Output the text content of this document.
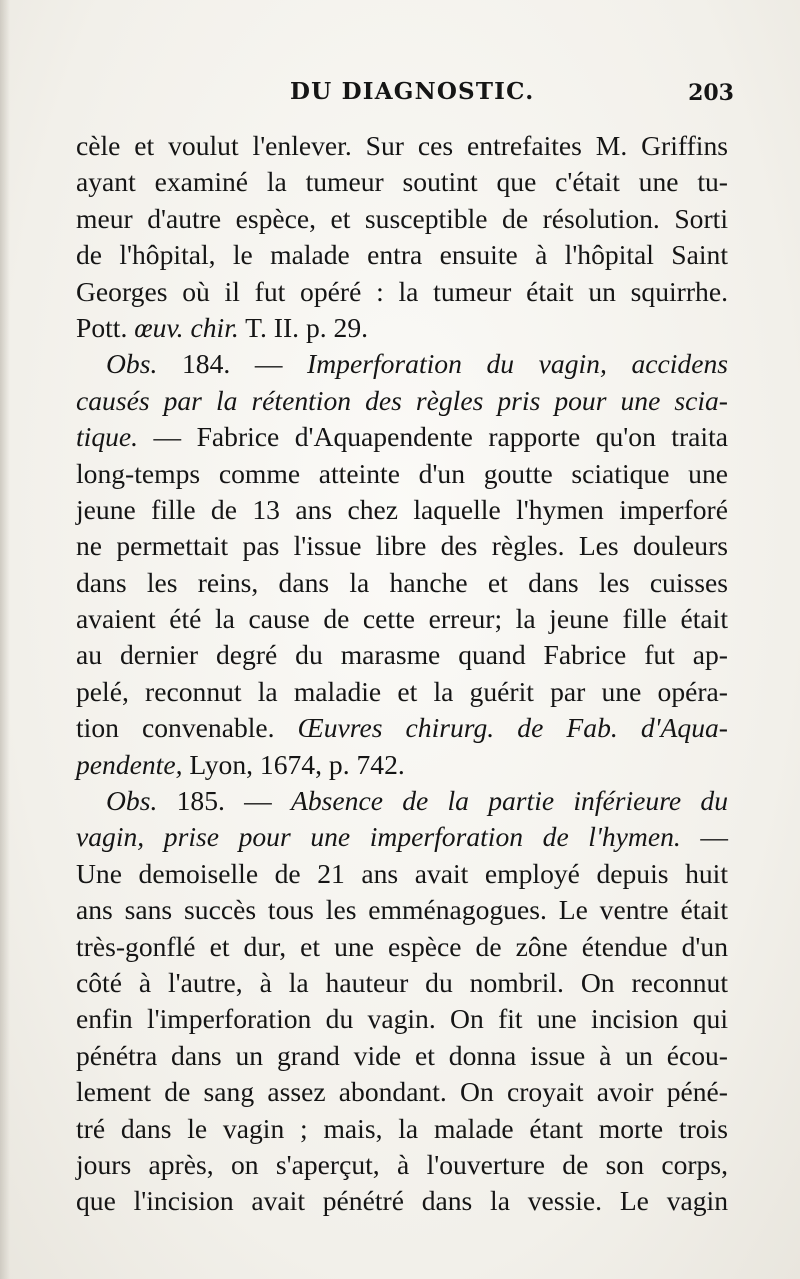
DU DIAGNOSTIC.	203
cèle et voulut l'enlever. Sur ces entrefaites M. Griffins
ayant examiné la tumeur soutint que c'était une tu-
meur d'autre espèce, et susceptible de résolution. Sorti
de l'hôpital, le malade entra ensuite à l'hôpital Saint
Georges où il fut opéré : la tumeur était un squirrhe.
Pott. œuv. chir. T. II. p. 29.
Obs. 184. — Imperforation du vagin, accidens
causés par la rétention des règles pris pour une scia-
tique. — Fabrice d'Aquapendente rapporte qu'on traita
long-temps comme atteinte d'un goutte sciatique une
jeune fille de 13 ans chez laquelle l'hymen imperforé
ne permettait pas l'issue libre des règles. Les douleurs
dans les reins, dans la hanche et dans les cuisses
avaient été la cause de cette erreur; la jeune fille était
au dernier degré du marasme quand Fabrice fut ap-
pelé, reconnut la maladie et la guérit par une opéra-
tion convenable. Œuvres chirurg. de Fab. d'Aqua-
pendente, Lyon, 1674, p. 742.
Obs. 185. — Absence de la partie inférieure du
vagin, prise pour une imperforation de l'hymen. —
Une demoiselle de 21 ans avait employé depuis huit
ans sans succès tous les emménagogues. Le ventre était
très-gonflé et dur, et une espèce de zône étendue d'un
côté à l'autre, à la hauteur du nombril. On reconnut
enfin l'imperforation du vagin. On fit une incision qui
pénétra dans un grand vide et donna issue à un écou-
lement de sang assez abondant. On croyait avoir péné-
tré dans le vagin ; mais, la malade étant morte trois
jours après, on s'aperçut, à l'ouverture de son corps,
que l'incision avait pénétré dans la vessie. Le vagin
